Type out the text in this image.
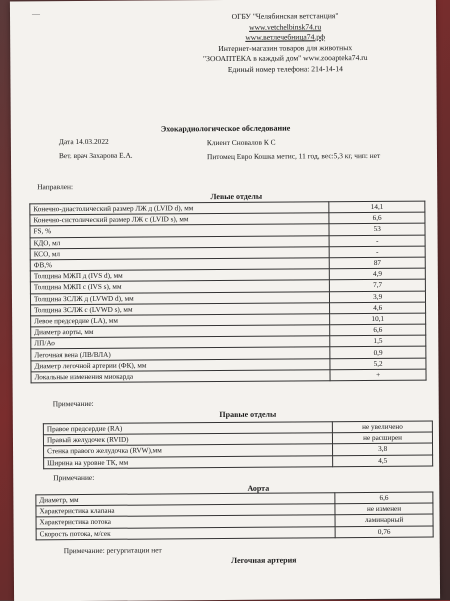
—	ОГБУ "Челябинская ветстанция"
www.vetchelbinsk74.ru
www.ветлечебница74.рф
Интернет-магазин товаров для животных
"ЗООАПТЕКА в каждый дом" www.zooapteka74.ru
Единый номер телефона: 214-14-14
Эхокардиологическое обследование
Дата 14.03.2022	Клиент Сновалов К С
Вет. врач Захарова Е.А.	Питомец Евро Кошка метис, 11 год, вес:5,3 кг, чип: нет
Направлен:
Левые отделы
Конечно-диастолический размер ЛЖ д (LVID d), мм	14,1
Конечно-систолический размер ЛЖ с (LVID s), мм	6,6
FS, %	53
КДО, мл	-
КСО, мл	-
ФВ,%	87
Толщина МЖП д (IVS d), мм	4,9
Толщина МЖП с (IVS s), мм	7,7
Толщина ЗСЛЖ д (LVWD d), мм	3,9
Толщина ЗСЛЖ с (LVWD s), мм	4,6
Левое предсердие (LA), мм	10,1
Диаметр аорты, мм	6,6
ЛП/Ао	1,5
Легочная вена (ЛВ/ВЛА)	0,9
Диаметр легочной артерии (ФК), мм	5,2
Локальные изменения миокарда	+
Примечание:
Правые отделы
Правое предсердие (RA)	не увеличено
Правый желудочек (RVID)	не расширен
Стенка правого желудочка (RVW),мм	3,8
Ширина на уровне ТК, мм	4,5
Примечание:
Аорта
Диаметр, мм	6,6
Характеристика клапана	не изменен
Характеристика потока	ламинарный
Скорость потока, м/сек	0,76
Примечание: регургитации нет
Легочная артерия
